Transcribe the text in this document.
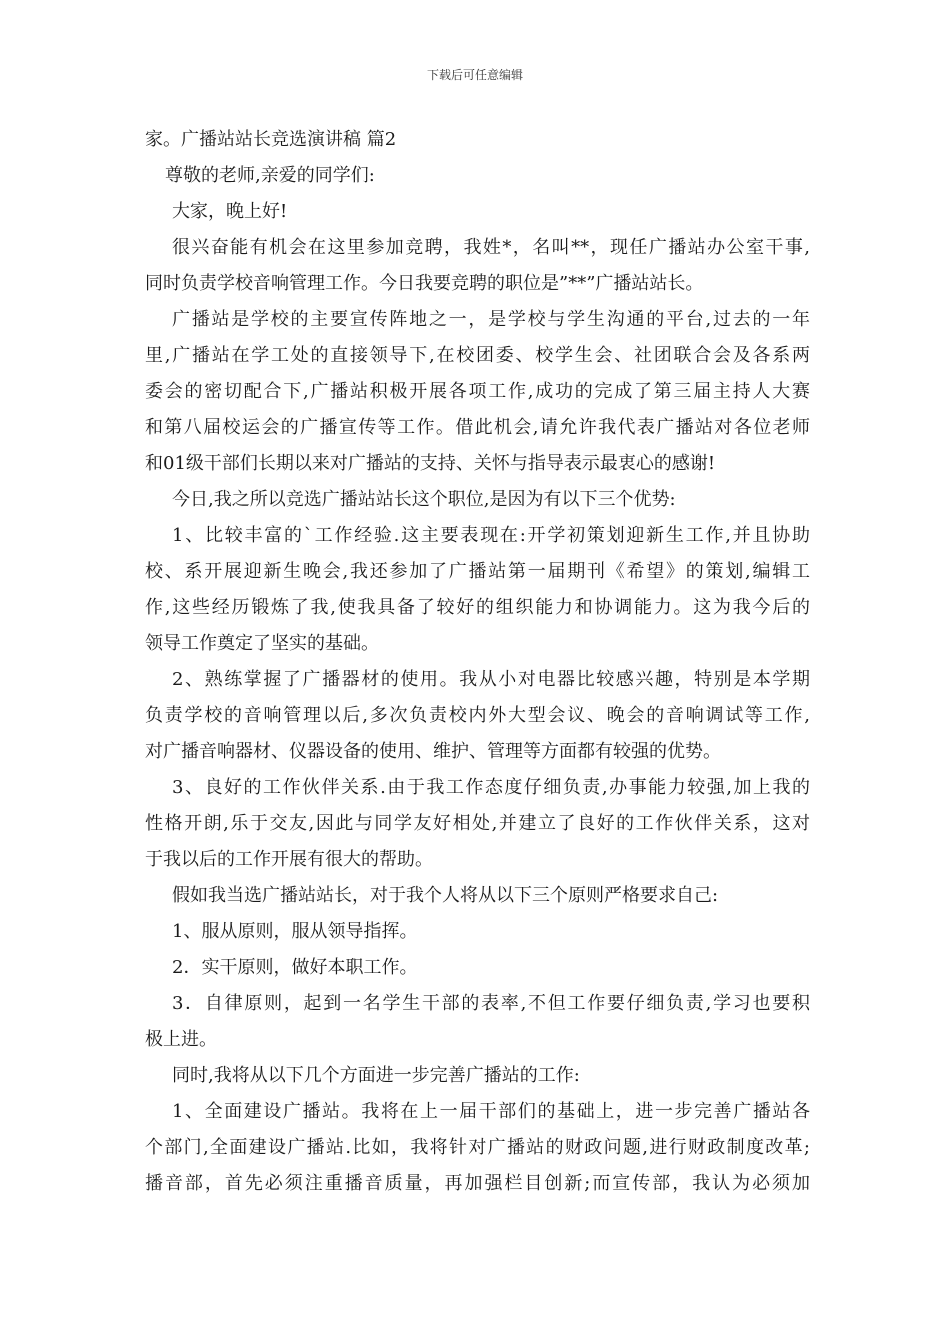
下载后可任意编辑
家。广播站站长竞选演讲稿 篇2
尊敬的老师,亲爱的同学们:
大家，晚上好!
很兴奋能有机会在这里参加竞聘，我姓*，名叫**，现任广播站办公室干事,
同时负责学校音响管理工作。今日我要竞聘的职位是”**”广播站站长。
广播站是学校的主要宣传阵地之一，是学校与学生沟通的平台,过去的一年
里,广播站在学工处的直接领导下,在校团委、校学生会、社团联合会及各系两
委会的密切配合下,广播站积极开展各项工作,成功的完成了第三届主持人大赛
和第八届校运会的广播宣传等工作。借此机会,请允许我代表广播站对各位老师
和01级干部们长期以来对广播站的支持、关怀与指导表示最衷心的感谢!
今日,我之所以竞选广播站站长这个职位,是因为有以下三个优势:
1、比较丰富的`工作经验.这主要表现在:开学初策划迎新生工作,并且协助
校、系开展迎新生晚会,我还参加了广播站第一届期刊《希望》的策划,编辑工
作,这些经历锻炼了我,使我具备了较好的组织能力和协调能力。这为我今后的
领导工作奠定了坚实的基础。
2、熟练掌握了广播器材的使用。我从小对电器比较感兴趣，特别是本学期
负责学校的音响管理以后,多次负责校内外大型会议、晚会的音响调试等工作,
对广播音响器材、仪器设备的使用、维护、管理等方面都有较强的优势。
3、良好的工作伙伴关系.由于我工作态度仔细负责,办事能力较强,加上我的
性格开朗,乐于交友,因此与同学友好相处,并建立了良好的工作伙伴关系，这对
于我以后的工作开展有很大的帮助。
假如我当选广播站站长，对于我个人将从以下三个原则严格要求自己:
1、服从原则，服从领导指挥。
2．实干原则，做好本职工作。
3．自律原则，起到一名学生干部的表率,不但工作要仔细负责,学习也要积
极上进。
同时,我将从以下几个方面进一步完善广播站的工作:
1、全面建设广播站。我将在上一届干部们的基础上，进一步完善广播站各
个部门,全面建设广播站.比如，我将针对广播站的财政问题,进行财政制度改革;
播音部，首先必须注重播音质量，再加强栏目创新;而宣传部，我认为必须加
